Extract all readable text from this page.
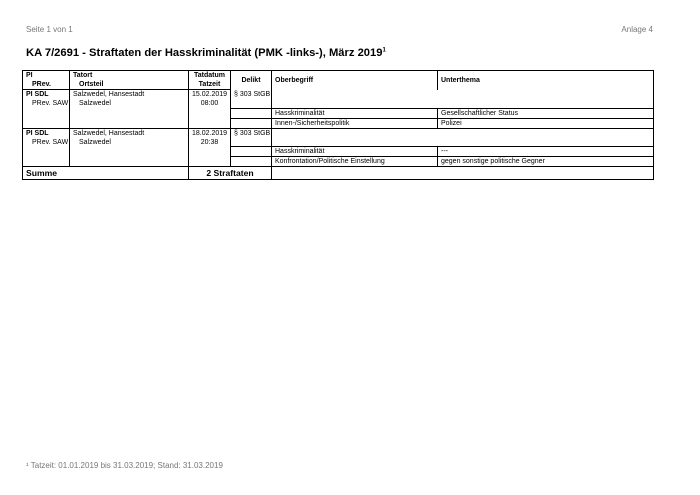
Seite 1 von 1	Anlage 4
KA 7/2691 - Straftaten der Hasskriminalität (PMK -links-), März 2019$^1$
PI	Tatort	Tatdatum	Delikt	Oberbegriff	Unterthema
PRev.	Ortsteil	Tatzeit			
PI SDL	Salzwedel, Hansestadt	15.02.2019	§ 303 StGB		
PRev. SAW	Salzwedel	08:00			
				Hasskriminalität	Gesellschaftlicher Status
				Innen-/Sicherheitspolitik	Polizei
PI SDL	Salzwedel, Hansestadt	18.02.2019	§ 303 StGB		
PRev. SAW	Salzwedel	20:38			
				Hasskriminalität	---
				Konfrontation/Politische Einstellung	gegen sonstige politische Gegner
Summe		2 Straftaten			
¹ Tatzeit: 01.01.2019 bis 31.03.2019; Stand: 31.03.2019
